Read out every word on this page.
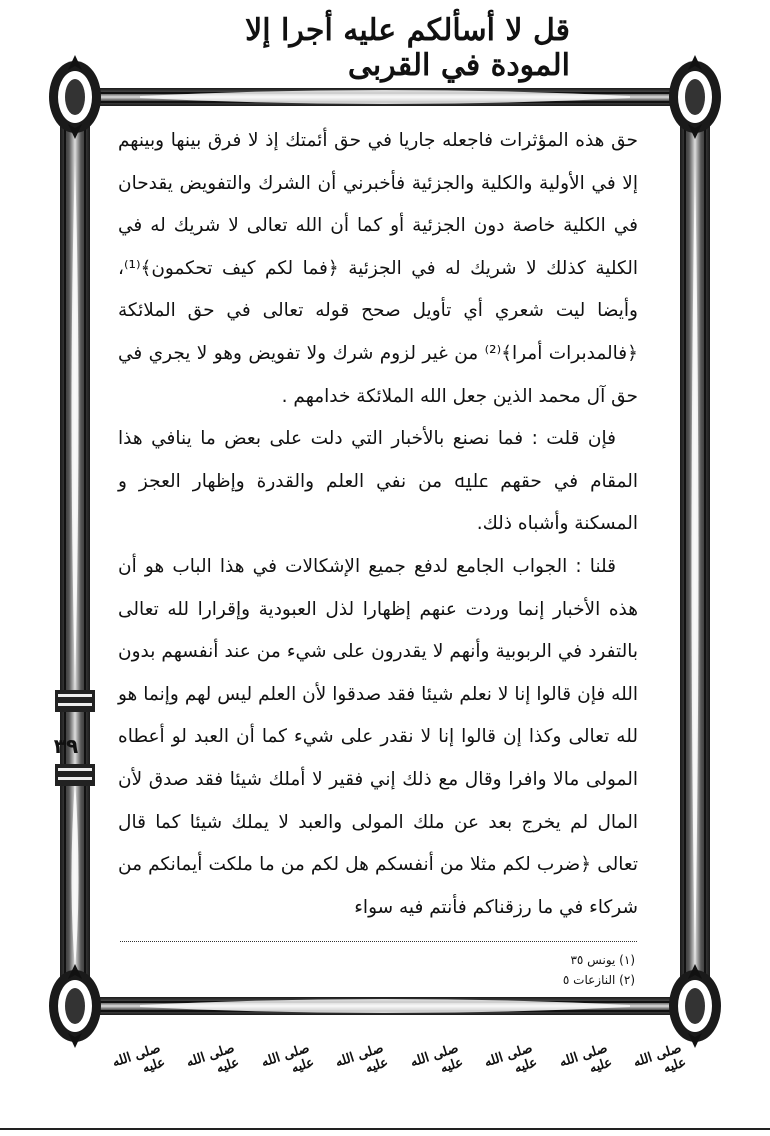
قل لا أسألكم عليه أجرا إلا المودة في القربى

حق هذه المؤثرات فاجعله جاريا في حق أئمتك إذ لا فرق بينها وبينهم إلا في الأولية والكلية والجزئية فأخبرني أن الشرك والتفويض يقدحان في الكلية خاصة دون الجزئية أو كما أن الله تعالى لا شريك له في الكلية كذلك لا شريك له في الجزئية ﴿فما لكم كيف تحكمون﴾⁽¹⁾، وأيضا ليت شعري أي تأويل صحح قوله تعالى في حق الملائكة ﴿فالمدبرات أمرا﴾⁽²⁾ من غير لزوم شرك ولا تفويض وهو لا يجري في حق آل محمد الذين جعل الله الملائكة خدامهم .

فإن قلت : فما نصنع بالأخبار التي دلت على بعض ما ينافي هذا المقام في حقهم ﷷ من نفي العلم والقدرة وإظهار العجز و المسكنة وأشباه ذلك.

قلنا : الجواب الجامع لدفع جميع الإشكالات في هذا الباب هو أن هذه الأخبار إنما وردت عنهم إظهارا لذل العبودية وإقرارا لله تعالى بالتفرد في الربوبية وأنهم لا يقدرون على شيء من عند أنفسهم بدون الله فإن قالوا إنا لا نعلم شيئا فقد صدقوا لأن العلم ليس لهم وإنما هو لله تعالى وكذا إن قالوا إنا لا نقدر على شيء كما أن العبد لو أعطاه المولى مالا وافرا وقال مع ذلك إني فقير لا أملك شيئا فقد صدق لأن المال لم يخرج بعد عن ملك المولى والعبد لا يملك شيئا كما قال تعالى ﴿ضرب لكم مثلا من أنفسكم هل لكم من ما ملكت أيمانكم من شركاء في ما رزقناكم فأنتم فيه سواء

٣٩
(١) يونس ٣٥
(٢) النازعات ٥
صلى الله عليه
صلى الله عليه
صلى الله عليه
صلى الله عليه
صلى الله عليه
صلى الله عليه
صلى الله عليه
صلى الله عليه
